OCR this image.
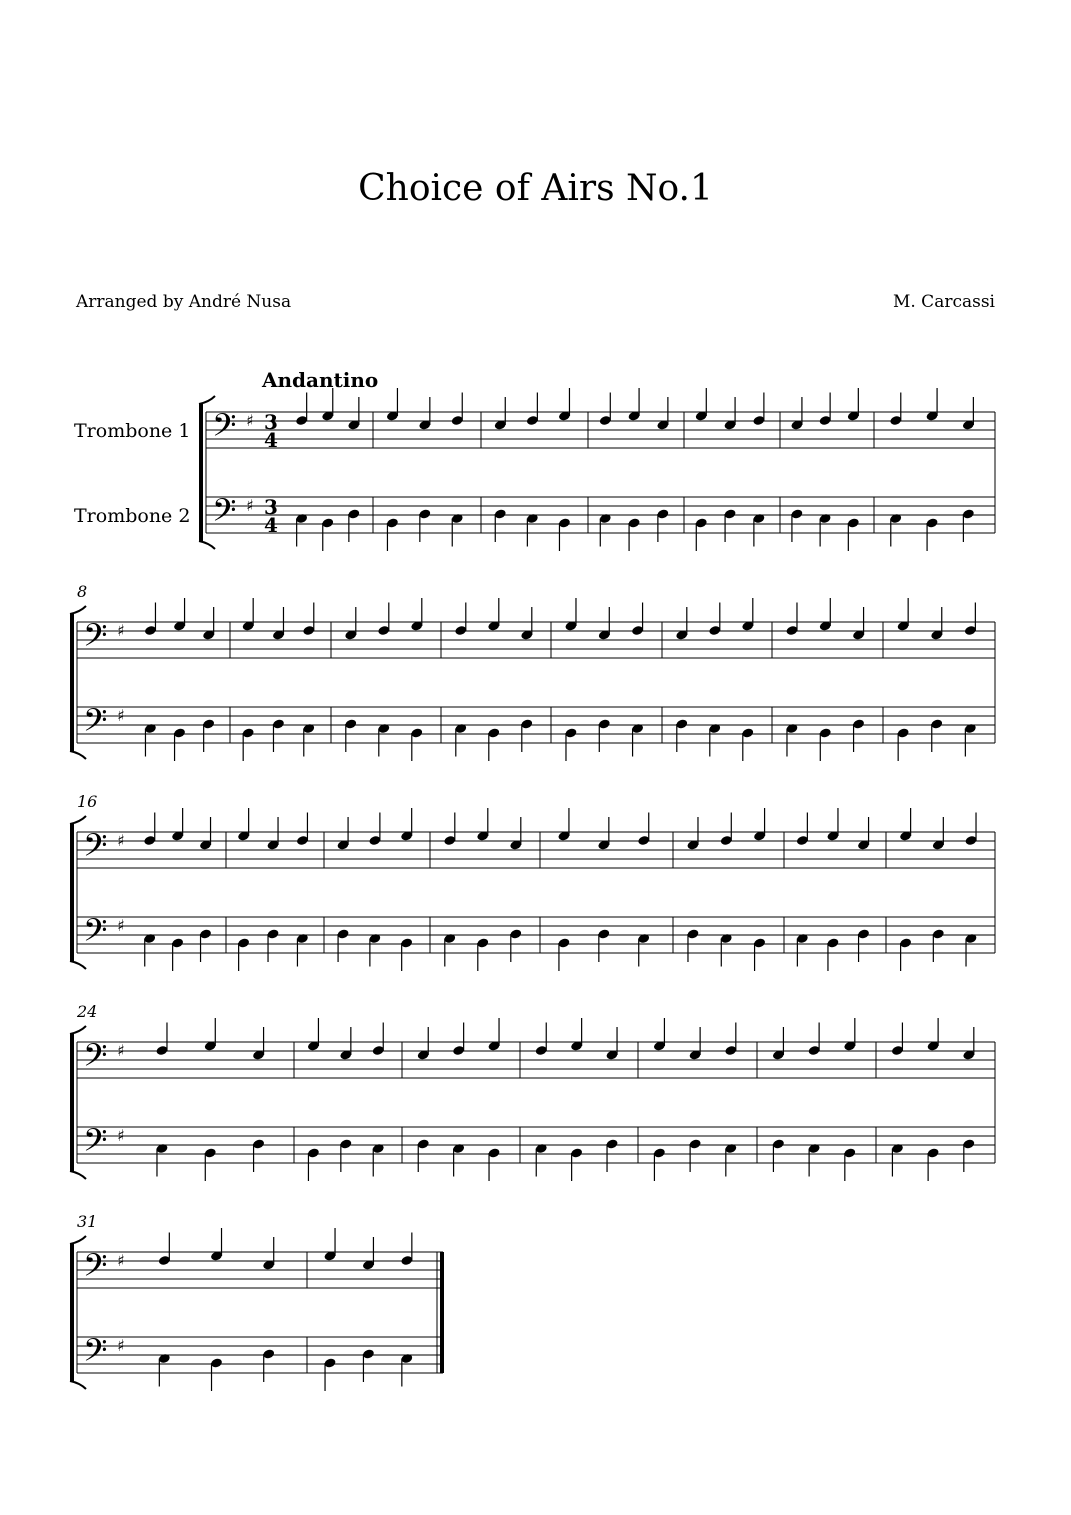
Choice of Airs No.1
Arranged by André Nusa	M. Carcassi
Andantino
Trombone 1
Trombone 2
8
16
24
31
𝄢 ♯
𝄢 ♯
3
4
3
4
𝄢 ♯
𝄢 ♯
𝄢 ♯
𝄢 ♯
𝄢 ♯
𝄢 ♯
𝄢 ♯
𝄢 ♯
